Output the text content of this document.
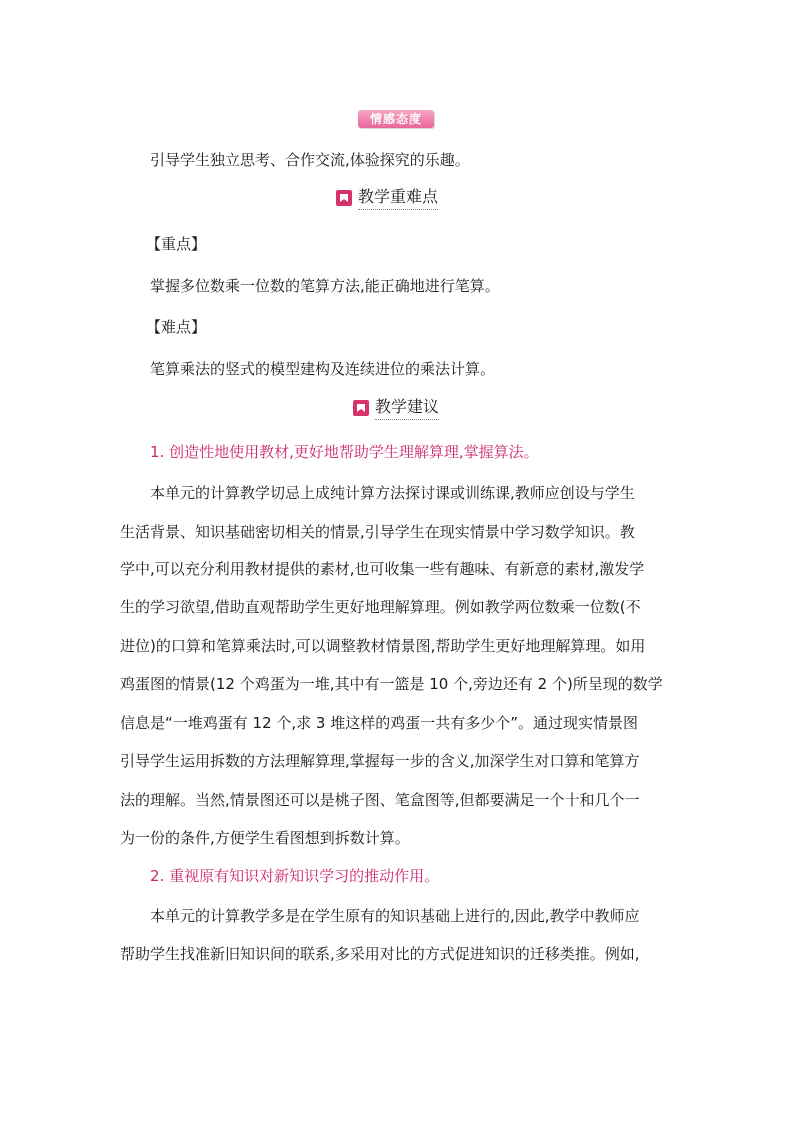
情感态度
引导学生独立思考、合作交流,体验探究的乐趣。
教学重难点
【重点】
掌握多位数乘一位数的笔算方法,能正确地进行笔算。
【难点】
笔算乘法的竖式的模型建构及连续进位的乘法计算。
教学建议
1. 创造性地使用教材,更好地帮助学生理解算理,掌握算法。
本单元的计算教学切忌上成纯计算方法探讨课或训练课,教师应创设与学生
生活背景、知识基础密切相关的情景,引导学生在现实情景中学习数学知识。教
学中,可以充分利用教材提供的素材,也可收集一些有趣味、有新意的素材,激发学
生的学习欲望,借助直观帮助学生更好地理解算理。例如教学两位数乘一位数(不
进位)的口算和笔算乘法时,可以调整教材情景图,帮助学生更好地理解算理。如用
鸡蛋图的情景(12 个鸡蛋为一堆,其中有一篮是 10 个,旁边还有 2 个)所呈现的数学
信息是“一堆鸡蛋有 12 个,求 3 堆这样的鸡蛋一共有多少个”。通过现实情景图
引导学生运用拆数的方法理解算理,掌握每一步的含义,加深学生对口算和笔算方
法的理解。当然,情景图还可以是桃子图、笔盒图等,但都要满足一个十和几个一
为一份的条件,方便学生看图想到拆数计算。
2. 重视原有知识对新知识学习的推动作用。
本单元的计算教学多是在学生原有的知识基础上进行的,因此,教学中教师应
帮助学生找准新旧知识间的联系,多采用对比的方式促进知识的迁移类推。例如,
